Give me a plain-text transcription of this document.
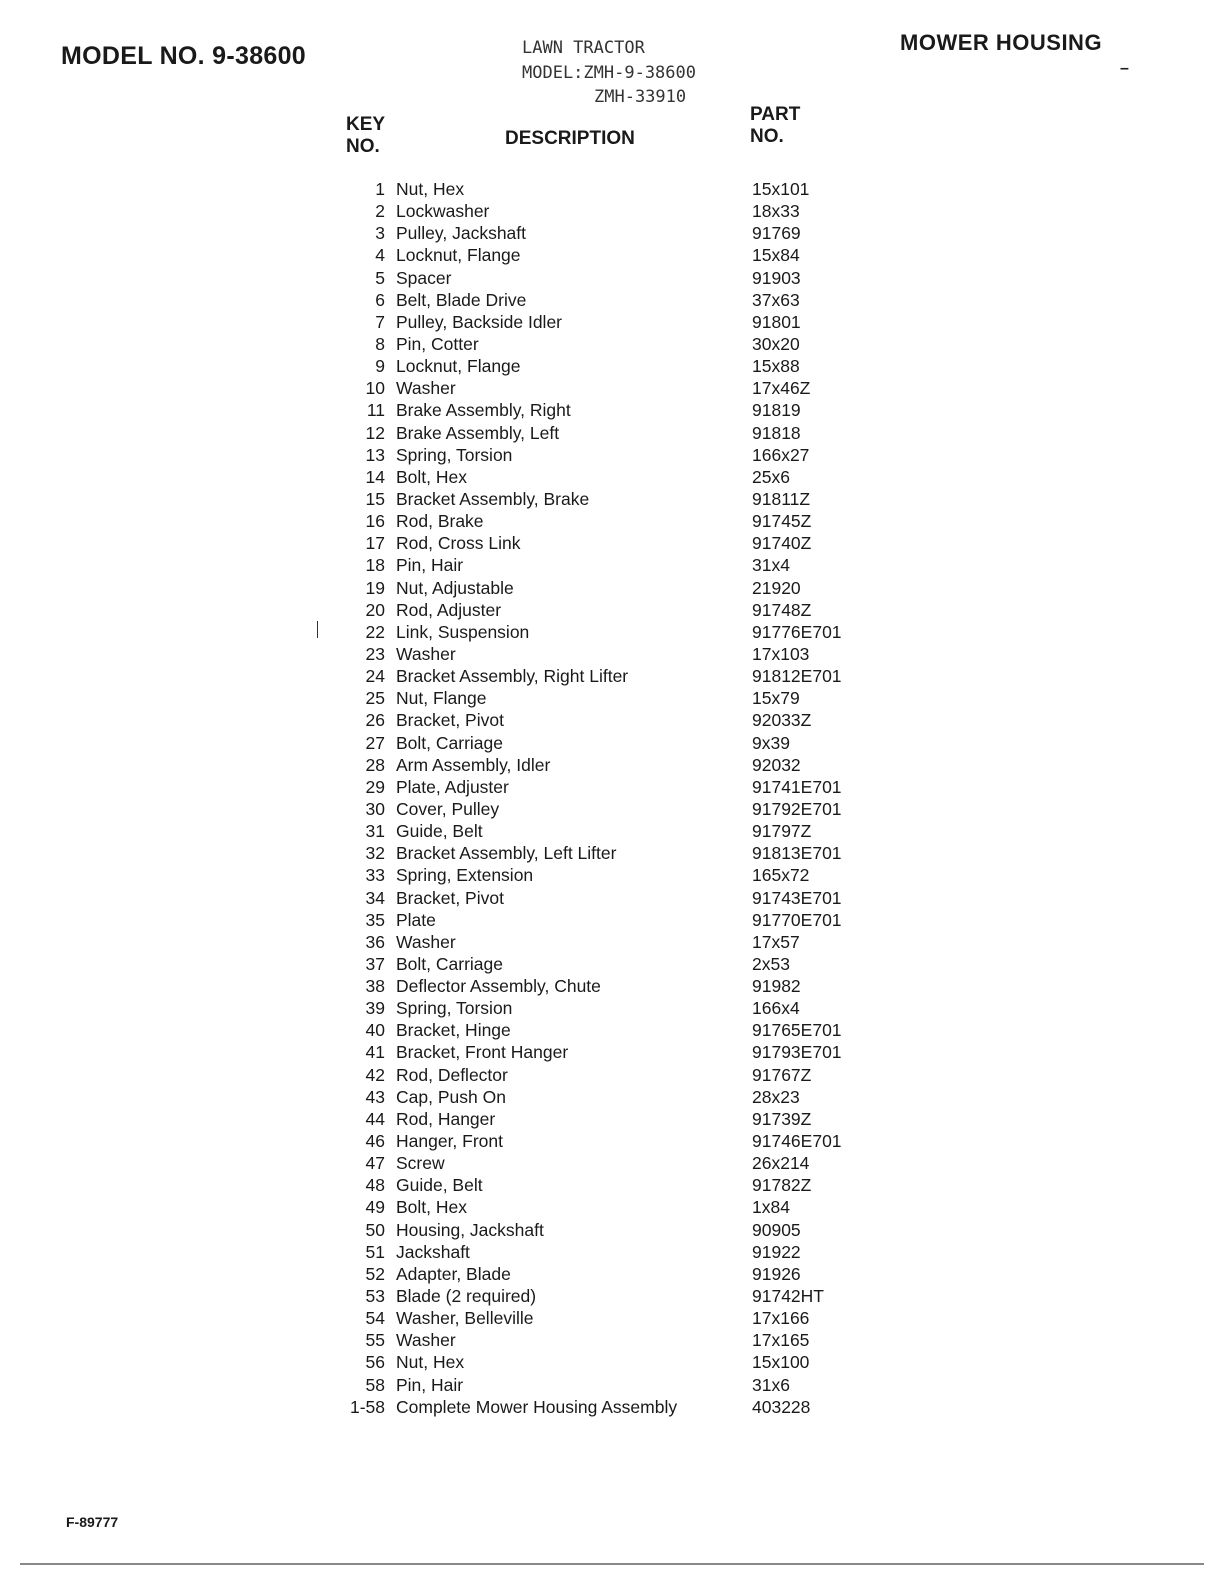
MODEL NO. 9-38600	MOWER HOUSING
–
LAWN TRACTOR
MODEL:ZMH-9-38600
ZMH-33910
KEY
NO.	DESCRIPTION
PART
NO.
1 Nut, Hex	15x101
2 Lockwasher	18x33
3 Pulley, Jackshaft	91769
4 Locknut, Flange	15x84
5 Spacer	91903
6 Belt, Blade Drive	37x63
7 Pulley, Backside Idler	91801
8 Pin, Cotter	30x20
9 Locknut, Flange	15x88
10 Washer	17x46Z
11 Brake Assembly, Right	91819
12 Brake Assembly, Left	91818
13 Spring, Torsion	166x27
14 Bolt, Hex	25x6
15 Bracket Assembly, Brake	91811Z
16 Rod, Brake	91745Z
17 Rod, Cross Link	91740Z
18 Pin, Hair	31x4
19 Nut, Adjustable	21920
20 Rod, Adjuster	91748Z
22 Link, Suspension	91776E701
23 Washer	17x103
24 Bracket Assembly, Right Lifter	91812E701
25 Nut, Flange	15x79
26 Bracket, Pivot	92033Z
27 Bolt, Carriage	9x39
28 Arm Assembly, Idler	92032
29 Plate, Adjuster	91741E701
30 Cover, Pulley	91792E701
31 Guide, Belt	91797Z
32 Bracket Assembly, Left Lifter	91813E701
33 Spring, Extension	165x72
34 Bracket, Pivot	91743E701
35 Plate	91770E701
36 Washer	17x57
37 Bolt, Carriage	2x53
38 Deflector Assembly, Chute	91982
39 Spring, Torsion	166x4
40 Bracket, Hinge	91765E701
41 Bracket, Front Hanger	91793E701
42 Rod, Deflector	91767Z
43 Cap, Push On	28x23
44 Rod, Hanger	91739Z
46 Hanger, Front	91746E701
47 Screw	26x214
48 Guide, Belt	91782Z
49 Bolt, Hex	1x84
50 Housing, Jackshaft	90905
51 Jackshaft	91922
52 Adapter, Blade	91926
53 Blade (2 required)	91742HT
54 Washer, Belleville	17x166
55 Washer	17x165
56 Nut, Hex	15x100
58 Pin, Hair	31x6
1-58 Complete Mower Housing Assembly	403228
F-89777
